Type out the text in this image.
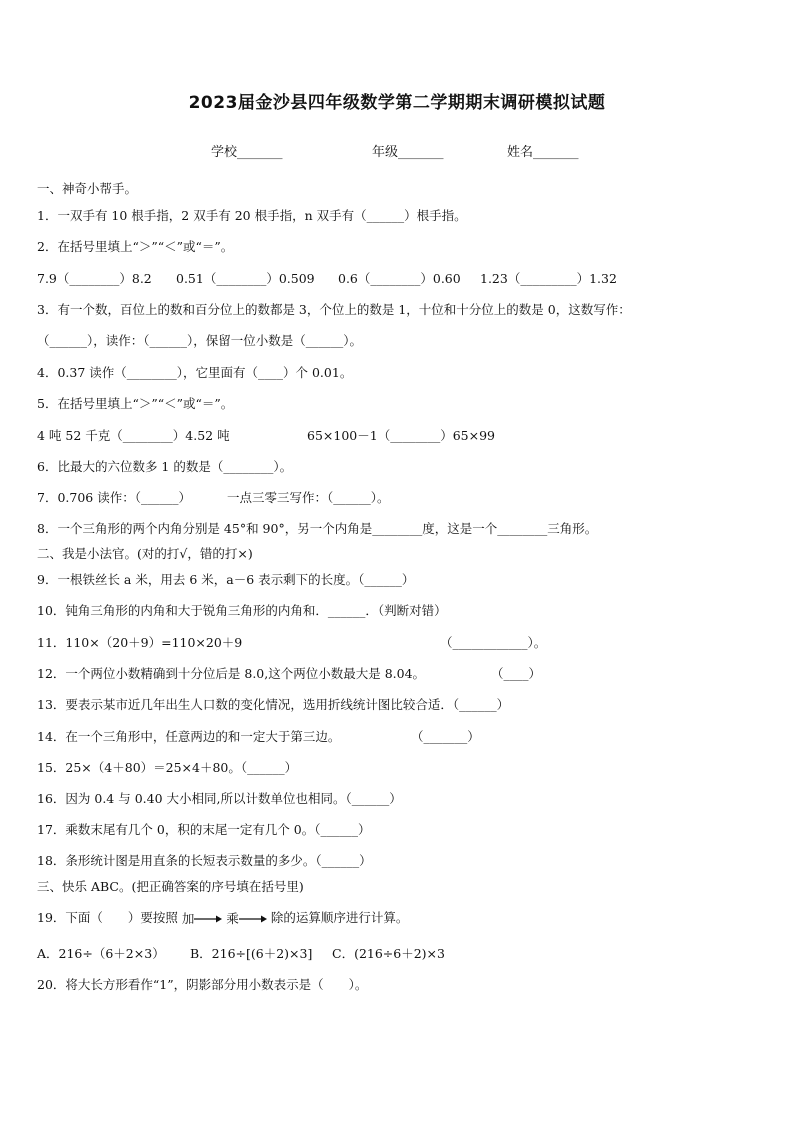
2023届金沙县四年级数学第二学期期末调研模拟试题
学校_______	年级_______	姓名_______
一、神奇小帮手。
1．一双手有 10 根手指，2 双手有 20 根手指，n 双手有（______）根手指。
2．在括号里填上“＞”“＜”或“＝”。
7.9（________）8.2 0.51（________）0.509 0.6（________）0.60 1.23（_________）1.32
3．有一个数，百位上的数和百分位上的数都是 3，个位上的数是 1，十位和十分位上的数是 0，这数写作：
（______），读作：（______），保留一位小数是（______）。
4．0.37 读作（________），它里面有（____）个 0.01。
5．在括号里填上“＞”“＜”或“＝”。
4 吨 52 千克（________）4.52 吨	65×100－1（________）65×99
6．比最大的六位数多 1 的数是（________）。
7．0.706 读作：（______）	一点三零三写作：（______）。
8．一个三角形的两个内角分别是 45°和 90°，另一个内角是________度，这是一个________三角形。
二、我是小法官。(对的打√，错的打×)
9．一根铁丝长 a 米，用去 6 米，a－6 表示剩下的长度。（______）
10．钝角三角形的内角和大于锐角三角形的内角和．______．（判断对错）
11．110×（20＋9）=110×20＋9	（____________）。
12．一个两位小数精确到十分位后是 8.0,这个两位小数最大是 8.04。	（____）
13．要表示某市近几年出生人口数的变化情况，选用折线统计图比较合适．（______）
14．在一个三角形中，任意两边的和一定大于第三边。	（_______）
15．25×（4＋80）＝25×4＋80。（______）
16．因为 0.4 与 0.40 大小相同,所以计数单位也相同。（______）
17．乘数末尾有几个 0，积的末尾一定有几个 0。（______）
18．条形统计图是用直条的长短表示数量的多少。（______）
三、快乐 ABC。(把正确答案的序号填在括号里)
19．下面（　　）要按照 加	乘	除的运算顺序进行计算。
A．216÷（6＋2×3） B．216÷[(6＋2)×3] C．(216÷6＋2)×3
20．将大长方形看作“1”，阴影部分用小数表示是（　　）。
